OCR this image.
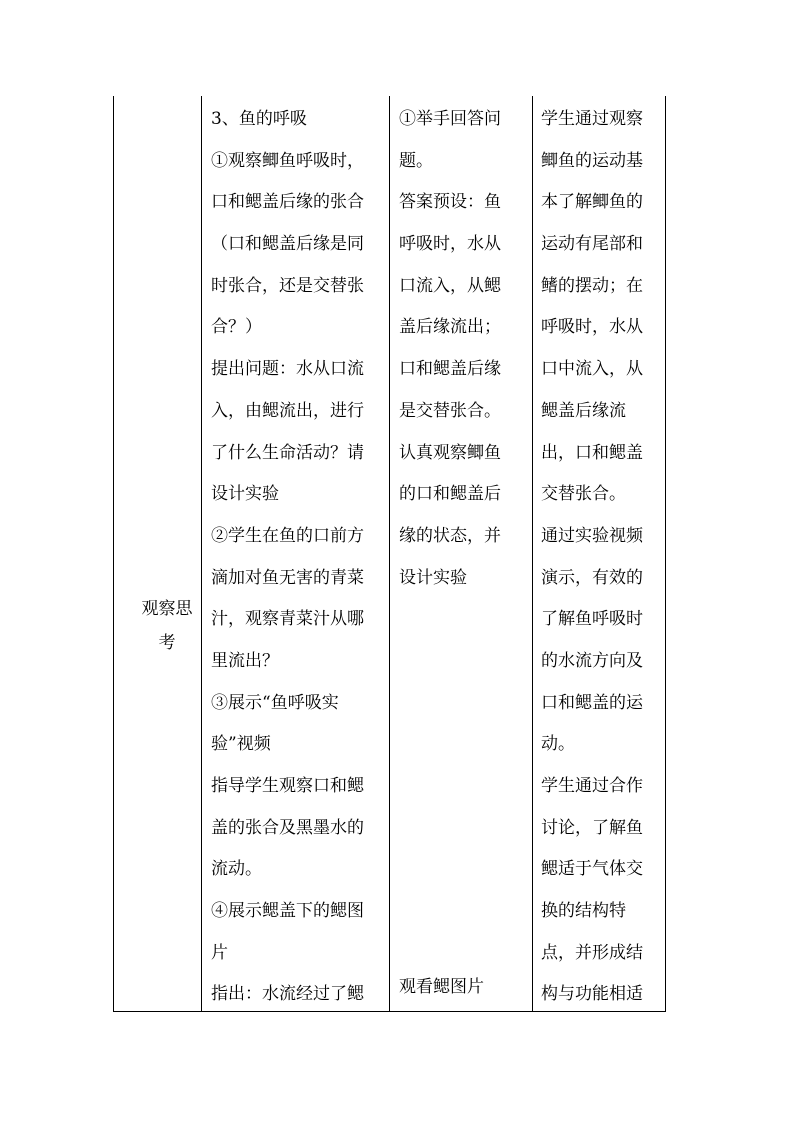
观察思
考
3、鱼的呼吸
①观察鲫鱼呼吸时，
口和鳃盖后缘的张合
（口和鳃盖后缘是同
时张合，还是交替张
合？）
提出问题：水从口流
入，由鳃流出，进行
了什么生命活动？请
设计实验
②学生在鱼的口前方
滴加对鱼无害的青菜
汁，观察青菜汁从哪
里流出？
③展示“鱼呼吸实
验”视频
指导学生观察口和鳃
盖的张合及黑墨水的
流动。
④展示鳃盖下的鳃图
片
指出：水流经过了鳃
①举手回答问
题。
答案预设：鱼
呼吸时，水从
口流入，从鳃
盖后缘流出；
口和鳃盖后缘
是交替张合。
认真观察鲫鱼
的口和鳃盖后
缘的状态，并
设计实验
观看鳃图片
学生通过观察
鲫鱼的运动基
本了解鲫鱼的
运动有尾部和
鳍的摆动；在
呼吸时，水从
口中流入，从
鳃盖后缘流
出，口和鳃盖
交替张合。
通过实验视频
演示，有效的
了解鱼呼吸时
的水流方向及
口和鳃盖的运
动。
学生通过合作
讨论，了解鱼
鳃适于气体交
换的结构特
点，并形成结
构与功能相适
